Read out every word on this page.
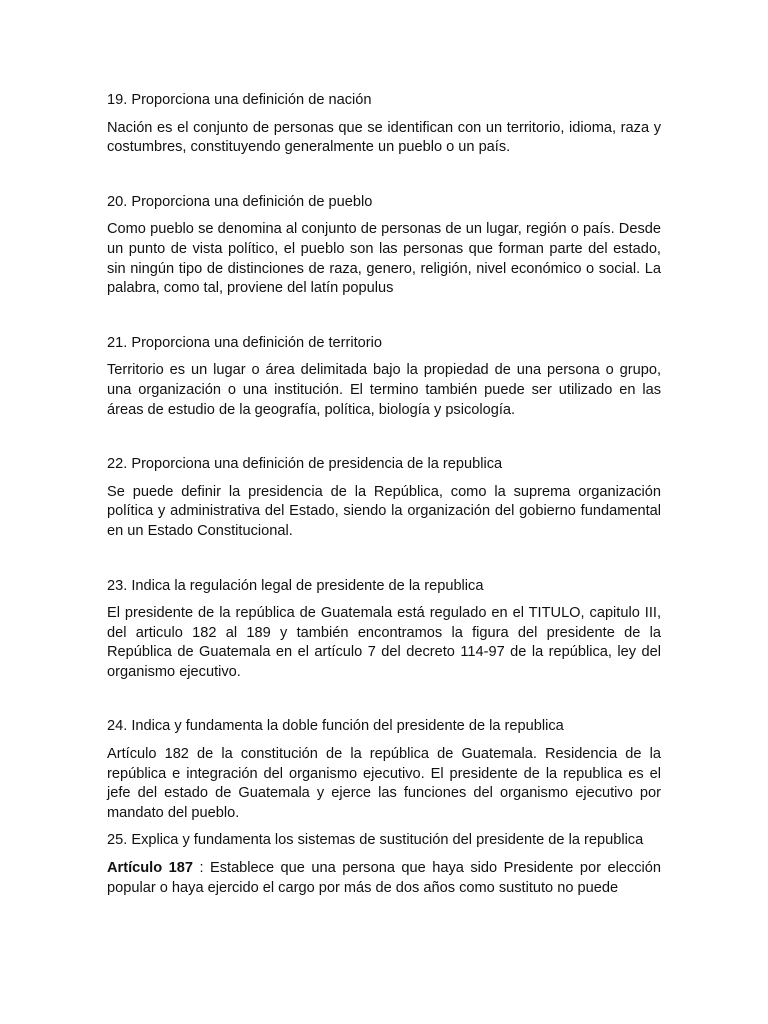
19. Proporciona una definición de nación

Nación es el conjunto de personas que se identifican con un territorio, idioma, raza y costumbres, constituyendo generalmente un pueblo o un país.

20. Proporciona una definición de pueblo

Como pueblo se denomina al conjunto de personas de un lugar, región o país. Desde un punto de vista político, el pueblo son las personas que forman parte del estado, sin ningún tipo de distinciones de raza, genero, religión, nivel económico o social. La palabra, como tal, proviene del latín populus

21. Proporciona una definición de territorio

Territorio es un lugar o área delimitada bajo la propiedad de una persona o grupo, una organización o una institución. El termino también puede ser utilizado en las áreas de estudio de la geografía, política, biología y psicología.

22. Proporciona una definición de presidencia de la republica

Se puede definir la presidencia de la República, como la suprema organización política y administrativa del Estado, siendo la organización del gobierno fundamental en un Estado Constitucional.

23. Indica la regulación legal de presidente de la republica

El presidente de la república de Guatemala está regulado en el TITULO, capitulo III, del articulo 182 al 189 y también encontramos la figura del presidente de la República de Guatemala en el artículo 7 del decreto 114-97 de la república, ley del organismo ejecutivo.

24. Indica y fundamenta la doble función del presidente de la republica

Artículo 182 de la constitución de la república de Guatemala. Residencia de la república e integración del organismo ejecutivo. El presidente de la republica es el jefe del estado de Guatemala y ejerce las funciones del organismo ejecutivo por mandato del pueblo.

25. Explica y fundamenta los sistemas de sustitución del presidente de la republica

Artículo 187 : Establece que una persona que haya sido Presidente por elección popular o haya ejercido el cargo por más de dos años como sustituto no puede
